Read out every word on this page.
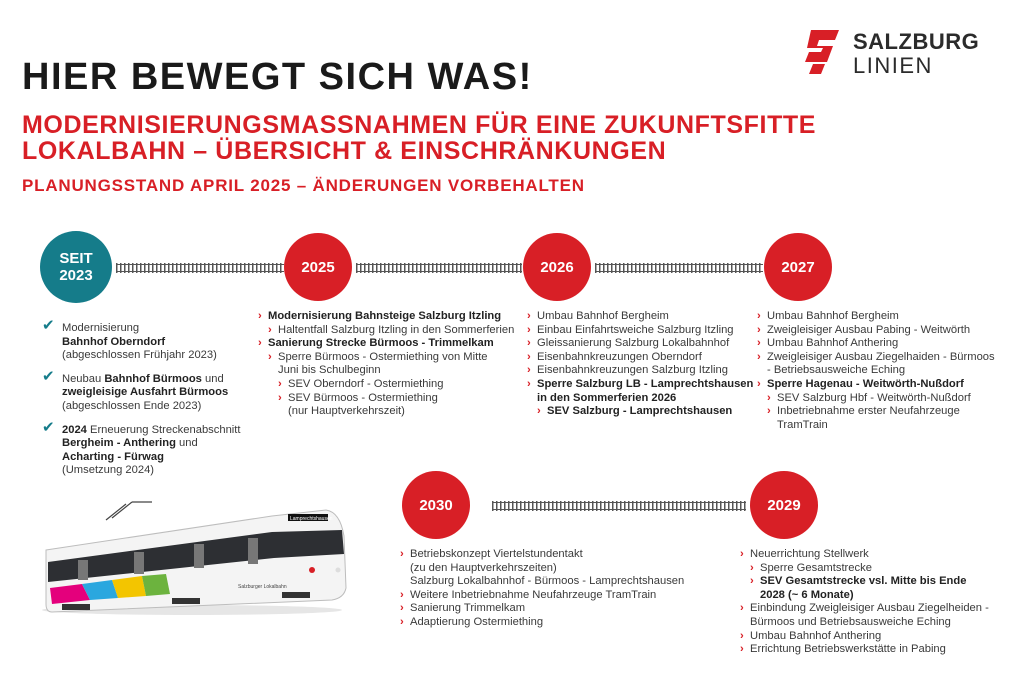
SALZBURG
LINIEN
HIER BEWEGT SICH WAS!
MODERNISIERUNGSMASSNAHMEN FÜR EINE ZUKUNFTSFITTE
LOKALBAHN – ÜBERSICHT & EINSCHRÄNKUNGEN
PLANUNGSSTAND APRIL 2025 – ÄNDERUNGEN VORBEHALTEN
SEIT
2023	2025	2026	2027
2030	2029
✔ Modernisierung
Bahnhof Oberndorf
(abgeschlossen Frühjahr 2023)
✔ Neubau Bahnhof Bürmoos und
zweigleisige Ausfahrt Bürmoos
(abgeschlossen Ende 2023)
✔ 2024 Erneuerung Streckenabschnitt
Bergheim - Anthering und
Acharting - Fürwag
(Umsetzung 2024)
› Modernisierung Bahnsteige Salzburg Itzling
› Haltentfall Salzburg Itzling in den Sommerferien
› Sanierung Strecke Bürmoos - Trimmelkam
› Sperre Bürmoos - Ostermiething von Mitte
Juni bis Schulbeginn
› SEV Oberndorf - Ostermiething
› SEV Bürmoos - Ostermiething
(nur Hauptverkehrszeit)
› Umbau Bahnhof Bergheim
› Einbau Einfahrtsweiche Salzburg Itzling
› Gleissanierung Salzburg Lokalbahnhof
› Eisenbahnkreuzungen Oberndorf
› Eisenbahnkreuzungen Salzburg Itzling
› Sperre Salzburg LB - Lamprechtshausen
in den Sommerferien 2026
› SEV Salzburg - Lamprechtshausen
› Umbau Bahnhof Bergheim
› Zweigleisiger Ausbau Pabing - Weitwörth
› Umbau Bahnhof Anthering
› Zweigleisiger Ausbau Ziegelhaiden - Bürmoos
- Betriebsausweiche Eching
› Sperre Hagenau - Weitwörth-Nußdorf
› SEV Salzburg Hbf - Weitwörth-Nußdorf
› Inbetriebnahme erster Neufahrzeuge
TramTrain
› Betriebskonzept Viertelstundentakt
(zu den Hauptverkehrszeiten)
Salzburg Lokalbahnhof - Bürmoos - Lamprechtshausen
› Weitere Inbetriebnahme Neufahrzeuge TramTrain
› Sanierung Trimmelkam
› Adaptierung Ostermiething
› Neuerrichtung Stellwerk
› Sperre Gesamtstrecke
› SEV Gesamtstrecke vsl. Mitte bis Ende
2028 (~ 6 Monate)
› Einbindung Zweigleisiger Ausbau Ziegelheiden -
Bürmoos und Betriebsausweiche Eching
› Umbau Bahnhof Anthering
› Errichtung Betriebswerkstätte in Pabing
Lamprechtshausen
Salzburger Lokalbahn
